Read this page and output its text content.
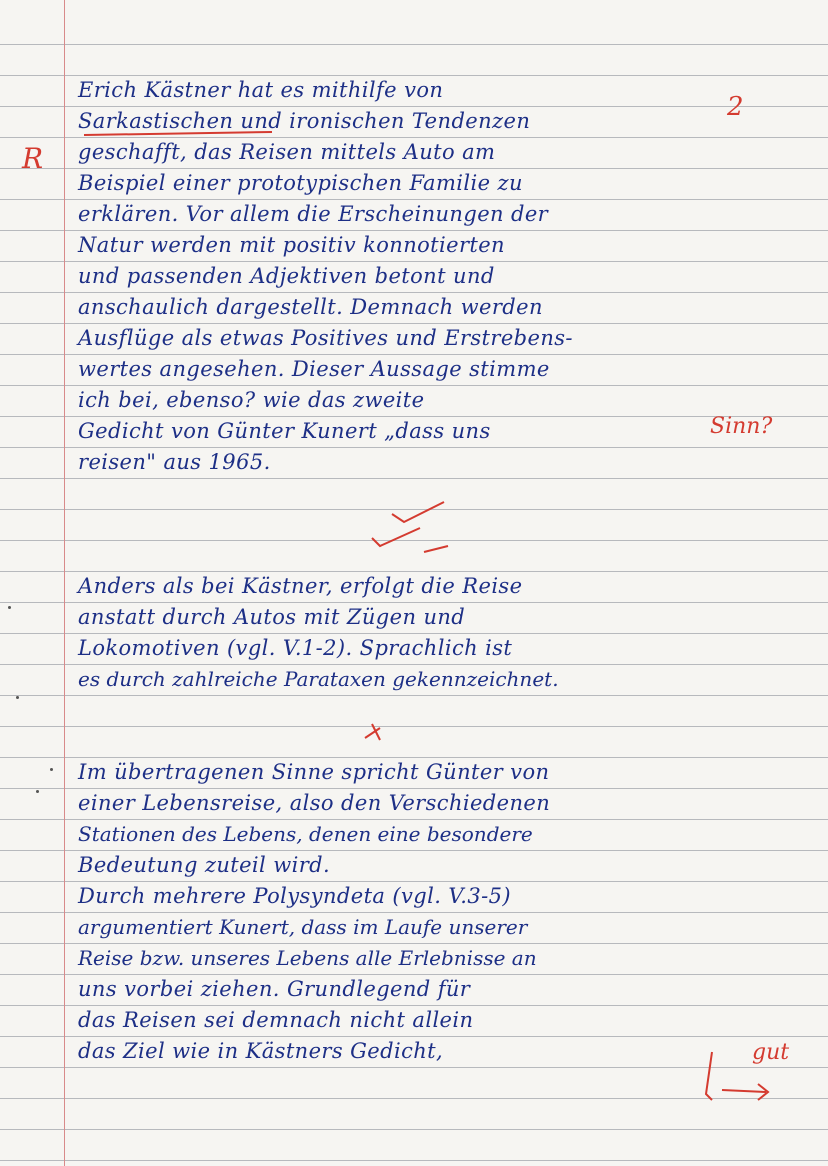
Erich Kästner hat es mithilfe von
Sarkastischen und ironischen Tendenzen
geschafft, das Reisen mittels Auto am
Beispiel einer prototypischen Familie zu
erklären. Vor allem die Erscheinungen der
Natur werden mit positiv konnotierten
und passenden Adjektiven betont und
anschaulich dargestellt. Demnach werden
Ausflüge als etwas Positives und Erstrebens-
wertes angesehen. Dieser Aussage stimme
ich bei, ebenso? wie das zweite
Gedicht von Günter Kunert „dass uns
reisen" aus 1965.
Anders als bei Kästner, erfolgt die Reise
anstatt durch Autos mit Zügen und
Lokomotiven (vgl. V.1-2). Sprachlich ist
es durch zahlreiche Parataxen gekennzeichnet.
Im übertragenen Sinne spricht Günter von
einer Lebensreise, also den Verschiedenen
Stationen des Lebens, denen eine besondere
Bedeutung zuteil wird.
Durch mehrere Polysyndeta (vgl. V.3-5)
argumentiert Kunert, dass im Laufe unserer
Reise bzw. unseres Lebens alle Erlebnisse an
uns vorbei ziehen. Grundlegend für
das Reisen sei demnach nicht allein
das Ziel wie in Kästners Gedicht,
R
2
Sinn?
gut
